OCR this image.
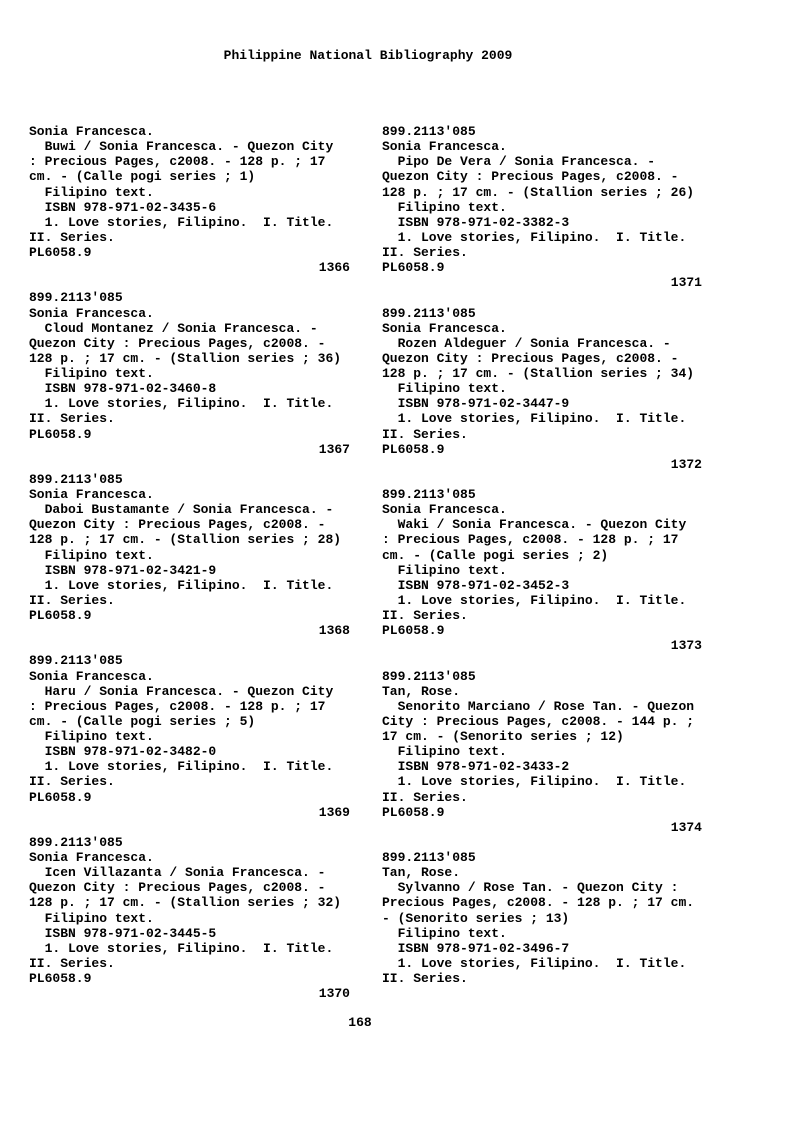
Philippine National Bibliography 2009
Sonia Francesca.
Buwi / Sonia Francesca. - Quezon City
: Precious Pages, c2008. - 128 p. ; 17
cm. - (Calle pogi series ; 1)
Filipino text.
ISBN 978-971-02-3435-6
1. Love stories, Filipino.  I. Title.
II. Series.
PL6058.9
1366
899.2113'085
Sonia Francesca.
Cloud Montanez / Sonia Francesca. -
Quezon City : Precious Pages, c2008. -
128 p. ; 17 cm. - (Stallion series ; 36)
Filipino text.
ISBN 978-971-02-3460-8
1. Love stories, Filipino.  I. Title.
II. Series.
PL6058.9
1367
899.2113'085
Sonia Francesca.
Daboi Bustamante / Sonia Francesca. -
Quezon City : Precious Pages, c2008. -
128 p. ; 17 cm. - (Stallion series ; 28)
Filipino text.
ISBN 978-971-02-3421-9
1. Love stories, Filipino.  I. Title.
II. Series.
PL6058.9
1368
899.2113'085
Sonia Francesca.
Haru / Sonia Francesca. - Quezon City
: Precious Pages, c2008. - 128 p. ; 17
cm. - (Calle pogi series ; 5)
Filipino text.
ISBN 978-971-02-3482-0
1. Love stories, Filipino.  I. Title.
II. Series.
PL6058.9
1369
899.2113'085
Sonia Francesca.
Icen Villazanta / Sonia Francesca. -
Quezon City : Precious Pages, c2008. -
128 p. ; 17 cm. - (Stallion series ; 32)
Filipino text.
ISBN 978-971-02-3445-5
1. Love stories, Filipino.  I. Title.
II. Series.
PL6058.9
1370
899.2113'085
Sonia Francesca.
Pipo De Vera / Sonia Francesca. -
Quezon City : Precious Pages, c2008. -
128 p. ; 17 cm. - (Stallion series ; 26)
Filipino text.
ISBN 978-971-02-3382-3
1. Love stories, Filipino.  I. Title.
II. Series.
PL6058.9
1371
899.2113'085
Sonia Francesca.
Rozen Aldeguer / Sonia Francesca. -
Quezon City : Precious Pages, c2008. -
128 p. ; 17 cm. - (Stallion series ; 34)
Filipino text.
ISBN 978-971-02-3447-9
1. Love stories, Filipino.  I. Title.
II. Series.
PL6058.9
1372
899.2113'085
Sonia Francesca.
Waki / Sonia Francesca. - Quezon City
: Precious Pages, c2008. - 128 p. ; 17
cm. - (Calle pogi series ; 2)
Filipino text.
ISBN 978-971-02-3452-3
1. Love stories, Filipino.  I. Title.
II. Series.
PL6058.9
1373
899.2113'085
Tan, Rose.
Senorito Marciano / Rose Tan. - Quezon
City : Precious Pages, c2008. - 144 p. ;
17 cm. - (Senorito series ; 12)
Filipino text.
ISBN 978-971-02-3433-2
1. Love stories, Filipino.  I. Title.
II. Series.
PL6058.9
1374
899.2113'085
Tan, Rose.
Sylvanno / Rose Tan. - Quezon City :
Precious Pages, c2008. - 128 p. ; 17 cm.
- (Senorito series ; 13)
Filipino text.
ISBN 978-971-02-3496-7
1. Love stories, Filipino.  I. Title.
II. Series.
168
